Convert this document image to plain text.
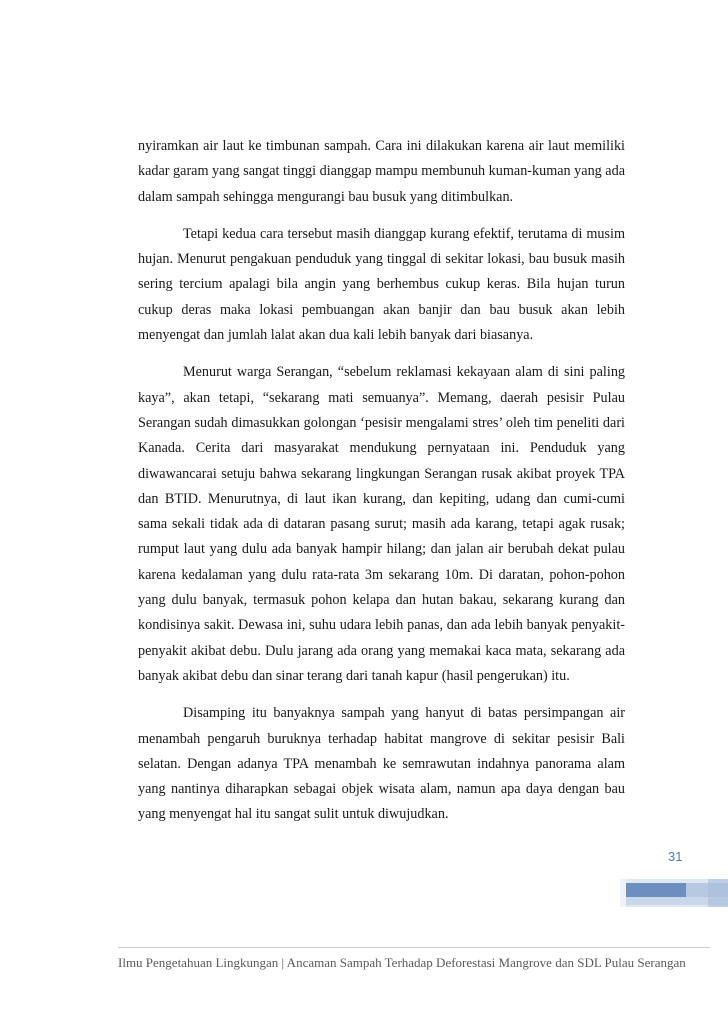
nyiramkan air laut ke timbunan sampah. Cara ini dilakukan karena air laut memiliki kadar garam yang sangat tinggi dianggap mampu membunuh kuman-kuman yang ada dalam sampah sehingga mengurangi bau busuk yang ditimbulkan.

Tetapi kedua cara tersebut masih dianggap kurang efektif, terutama di musim hujan. Menurut pengakuan penduduk yang tinggal di sekitar lokasi, bau busuk masih sering tercium apalagi bila angin yang berhembus cukup keras. Bila hujan turun cukup deras maka lokasi pembuangan akan banjir dan bau busuk akan lebih menyengat dan jumlah lalat akan dua kali lebih banyak dari biasanya.

Menurut warga Serangan, “sebelum reklamasi kekayaan alam di sini paling kaya”, akan tetapi, “sekarang mati semuanya”. Memang, daerah pesisir Pulau Serangan sudah dimasukkan golongan ‘pesisir mengalami stres’ oleh tim peneliti dari Kanada. Cerita dari masyarakat mendukung pernyataan ini. Penduduk yang diwawancarai setuju bahwa sekarang lingkungan Serangan rusak akibat proyek TPA dan BTID. Menurutnya, di laut ikan kurang, dan kepiting, udang dan cumi-cumi sama sekali tidak ada di dataran pasang surut; masih ada karang, tetapi agak rusak; rumput laut yang dulu ada banyak hampir hilang; dan jalan air berubah dekat pulau karena kedalaman yang dulu rata-rata 3m sekarang 10m. Di daratan, pohon-pohon yang dulu banyak, termasuk pohon kelapa dan hutan bakau, sekarang kurang dan kondisinya sakit. Dewasa ini, suhu udara lebih panas, dan ada lebih banyak penyakit-penyakit akibat debu. Dulu jarang ada orang yang memakai kaca mata, sekarang ada banyak akibat debu dan sinar terang dari tanah kapur (hasil pengerukan) itu.

Disamping itu banyaknya sampah yang hanyut di batas persimpangan air menambah pengaruh buruknya terhadap habitat mangrove di sekitar pesisir Bali selatan. Dengan adanya TPA menambah ke semrawutan indahnya panorama alam yang nantinya diharapkan sebagai objek wisata alam, namun apa daya dengan bau yang menyengat hal itu sangat sulit untuk diwujudkan.

31
Ilmu Pengetahuan Lingkungan | Ancaman Sampah Terhadap Deforestasi Mangrove dan SDL Pulau Serangan
